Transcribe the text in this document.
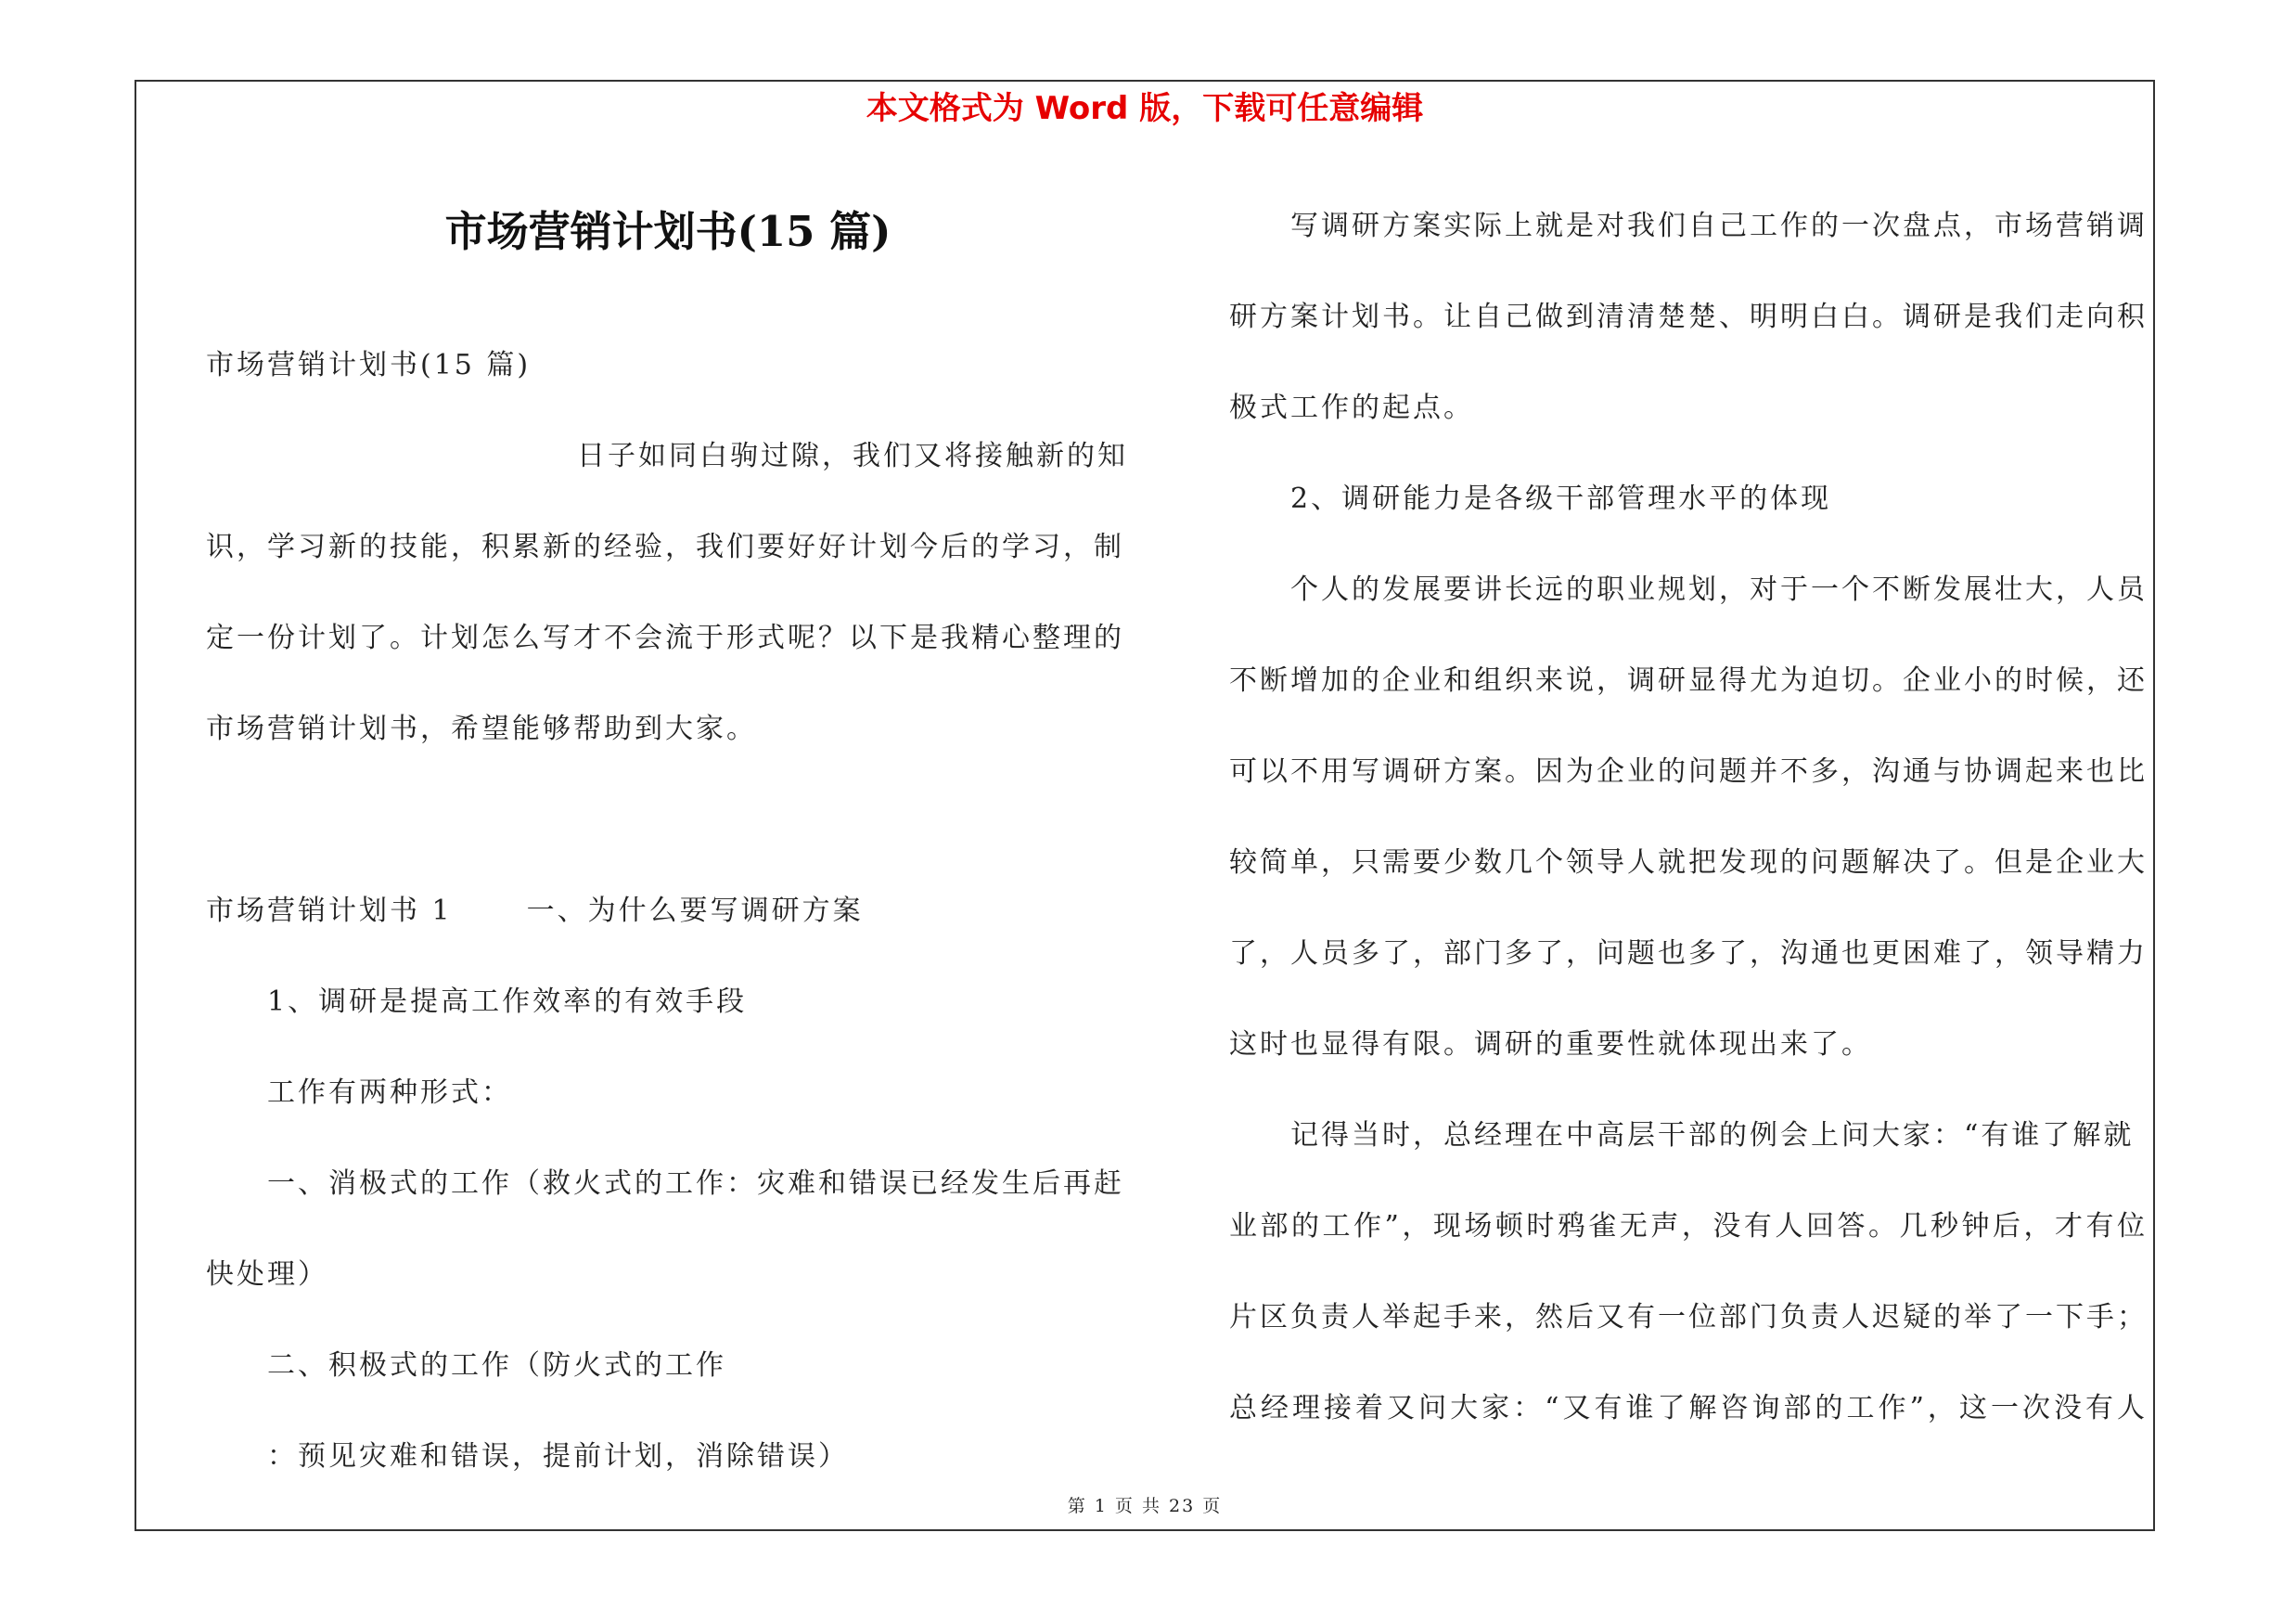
本文格式为 Word 版，下载可任意编辑
市场营销计划书(15 篇)
市场营销计划书(15 篇)
日子如同白驹过隙，我们又将接触新的知
识，学习新的技能，积累新的经验，我们要好好计划今后的学习，制
定一份计划了。计划怎么写才不会流于形式呢？以下是我精心整理的
市场营销计划书，希望能够帮助到大家。
市场营销计划书 1	一、为什么要写调研方案
1、调研是提高工作效率的有效手段
工作有两种形式：
一、消极式的工作（救火式的工作：灾难和错误已经发生后再赶
快处理）
二、积极式的工作（防火式的工作
：预见灾难和错误，提前计划，消除错误）
写调研方案实际上就是对我们自己工作的一次盘点，市场营销调
研方案计划书。让自己做到清清楚楚、明明白白。调研是我们走向积
极式工作的起点。
2、调研能力是各级干部管理水平的体现
个人的发展要讲长远的职业规划，对于一个不断发展壮大，人员
不断增加的企业和组织来说，调研显得尤为迫切。企业小的时候，还
可以不用写调研方案。因为企业的问题并不多，沟通与协调起来也比
较简单，只需要少数几个领导人就把发现的问题解决了。但是企业大
了，人员多了，部门多了，问题也多了，沟通也更困难了，领导精力
这时也显得有限。调研的重要性就体现出来了。
记得当时，总经理在中高层干部的例会上问大家：“有谁了解就
业部的工作”，现场顿时鸦雀无声，没有人回答。几秒钟后，才有位
片区负责人举起手来，然后又有一位部门负责人迟疑的举了一下手；
总经理接着又问大家：“又有谁了解咨询部的工作”，这一次没有人
第 1 页 共 23 页
